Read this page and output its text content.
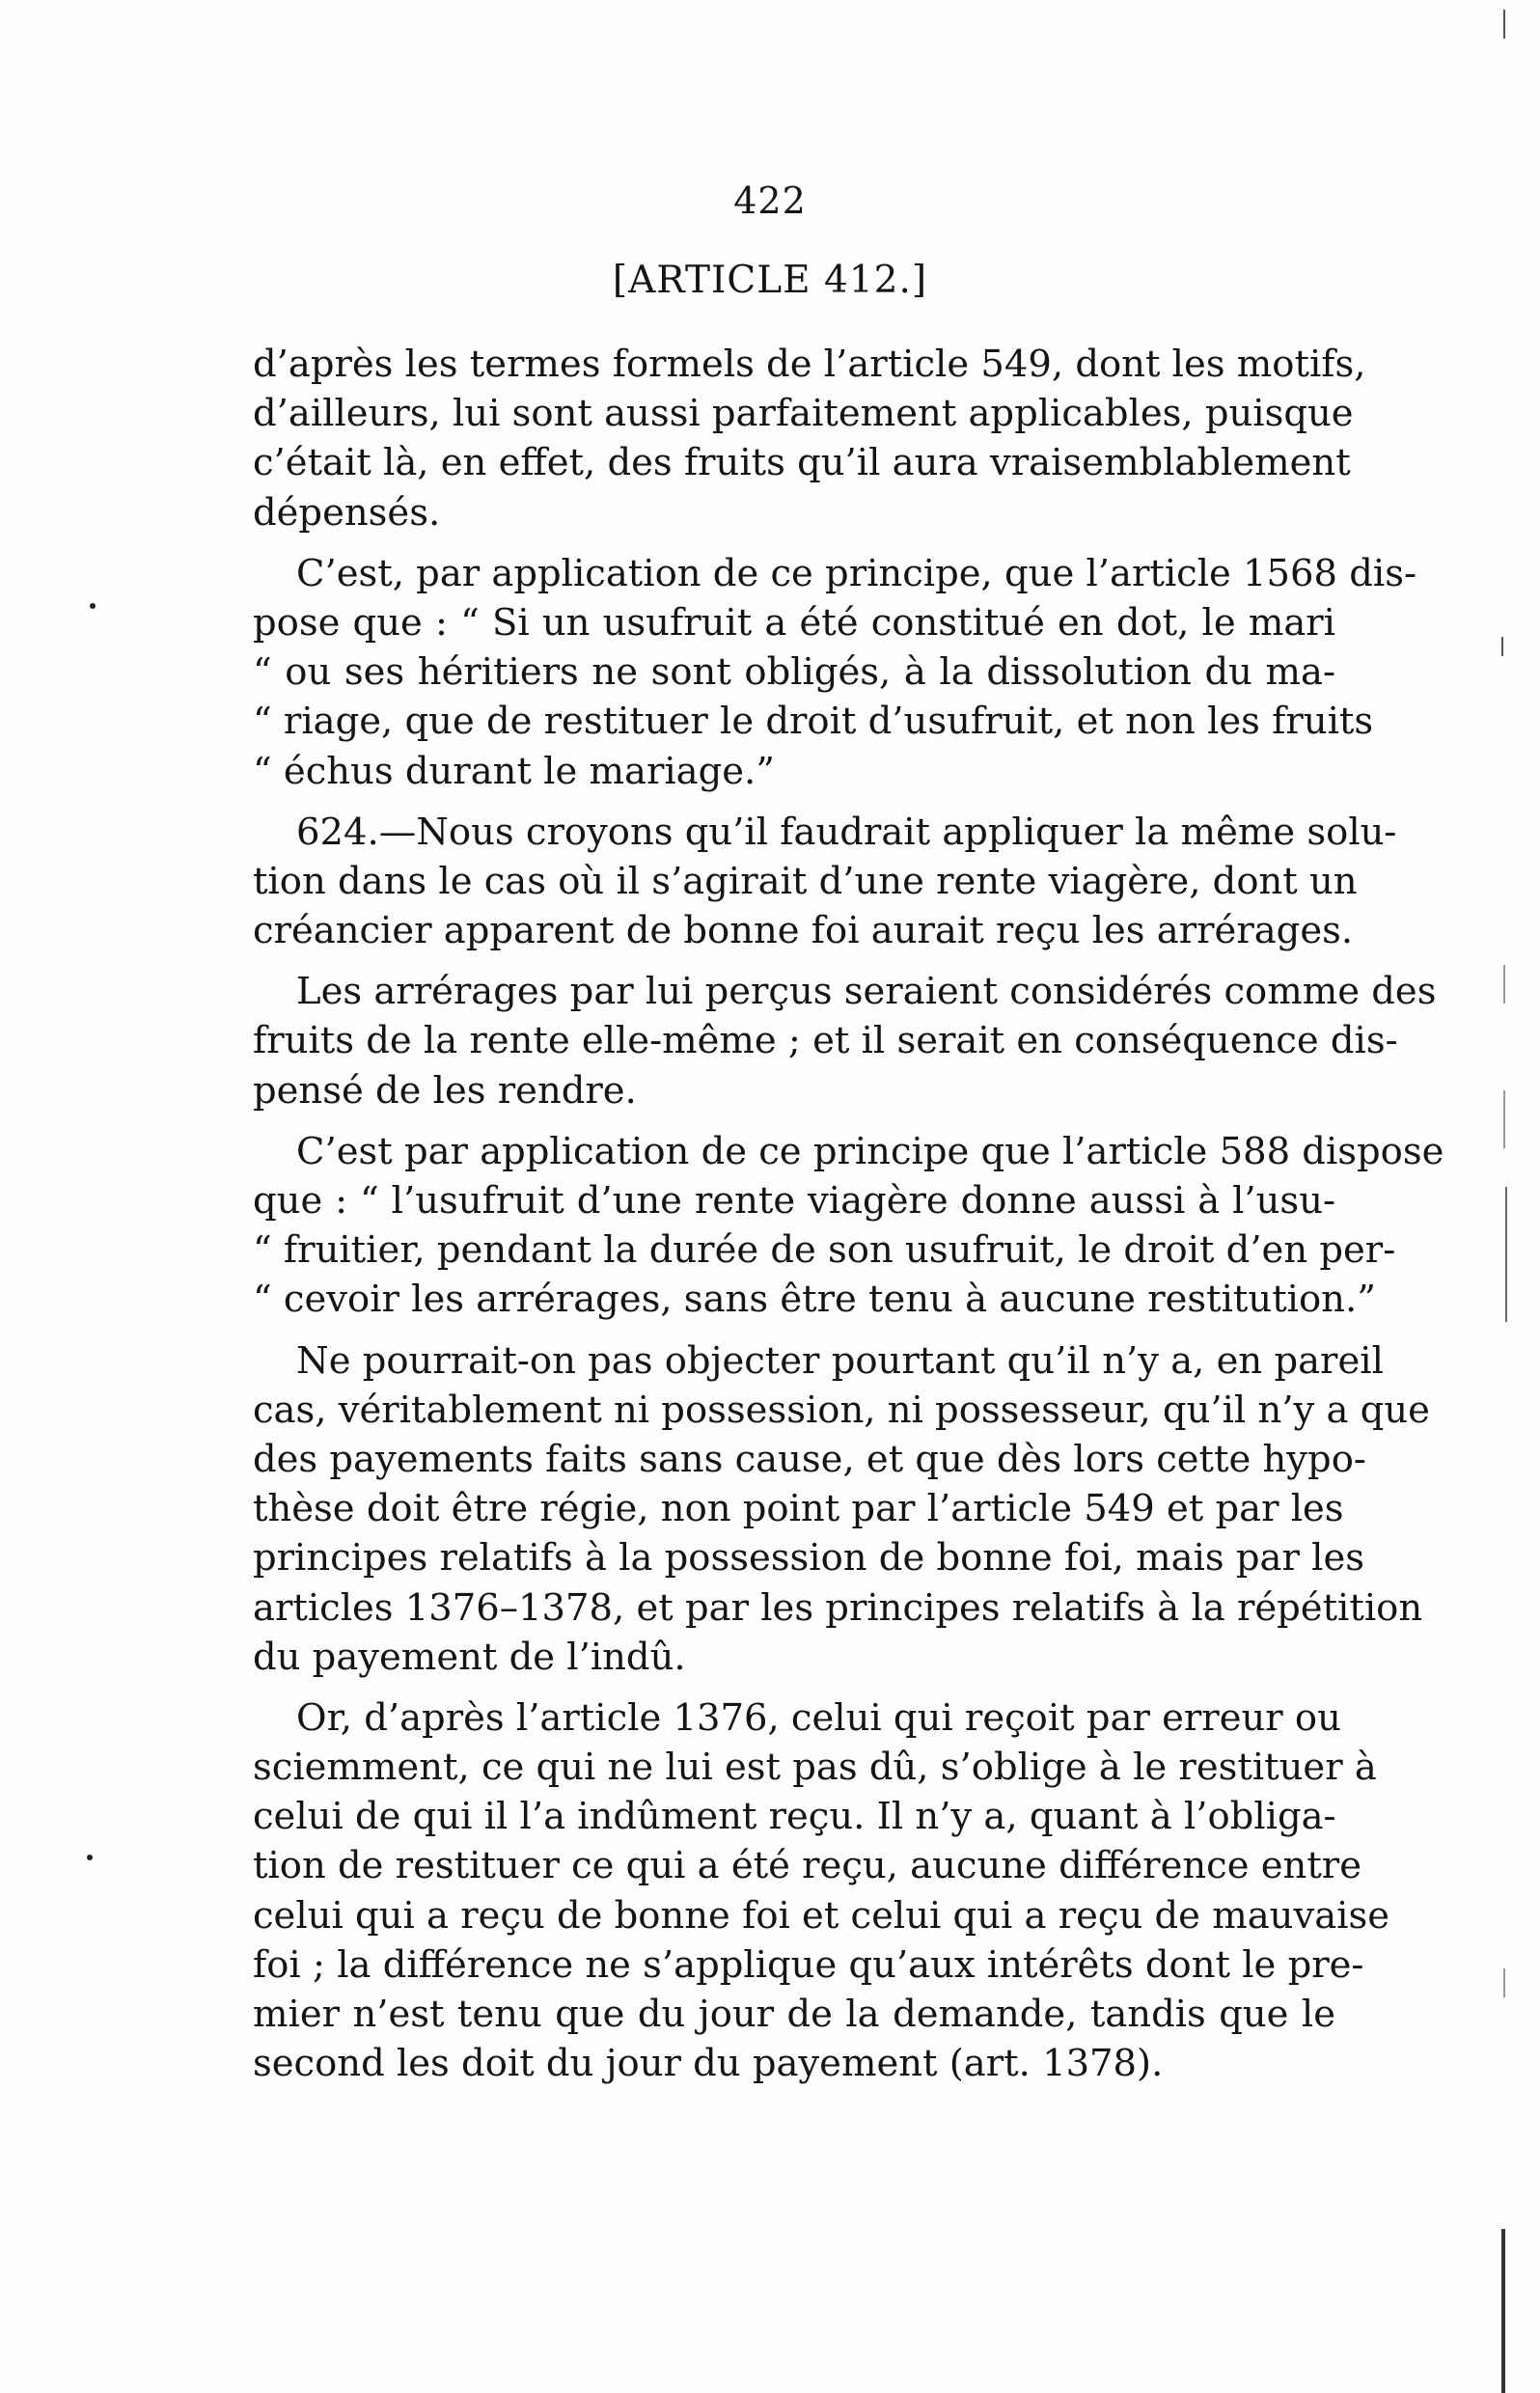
422
[ARTICLE 412.]
d’après les termes formels de l’article 549, dont les motifs,
d’ailleurs, lui sont aussi parfaitement applicables, puisque
c’était là, en effet, des fruits qu’il aura vraisemblablement
dépensés.
C’est, par application de ce principe, que l’article 1568 dis-
pose que : “ Si un usufruit a été constitué en dot, le mari
“ ou ses héritiers ne sont obligés, à la dissolution du ma-
“ riage, que de restituer le droit d’usufruit, et non les fruits
“ échus durant le mariage.”
624.—Nous croyons qu’il faudrait appliquer la même solu-
tion dans le cas où il s’agirait d’une rente viagère, dont un
créancier apparent de bonne foi aurait reçu les arrérages.
Les arrérages par lui perçus seraient considérés comme des
fruits de la rente elle-même ; et il serait en conséquence dis-
pensé de les rendre.
C’est par application de ce principe que l’article 588 dispose
que : “ l’usufruit d’une rente viagère donne aussi à l’usu-
“ fruitier, pendant la durée de son usufruit, le droit d’en per-
“ cevoir les arrérages, sans être tenu à aucune restitution.”
Ne pourrait-on pas objecter pourtant qu’il n’y a, en pareil
cas, véritablement ni possession, ni possesseur, qu’il n’y a que
des payements faits sans cause, et que dès lors cette hypo-
thèse doit être régie, non point par l’article 549 et par les
principes relatifs à la possession de bonne foi, mais par les
articles 1376–1378, et par les principes relatifs à la répétition
du payement de l’indû.
Or, d’après l’article 1376, celui qui reçoit par erreur ou
sciemment, ce qui ne lui est pas dû, s’oblige à le restituer à
celui de qui il l’a indûment reçu. Il n’y a, quant à l’obliga-
tion de restituer ce qui a été reçu, aucune différence entre
celui qui a reçu de bonne foi et celui qui a reçu de mauvaise
foi ; la différence ne s’applique qu’aux intérêts dont le pre-
mier n’est tenu que du jour de la demande, tandis que le
second les doit du jour du payement (art. 1378).
